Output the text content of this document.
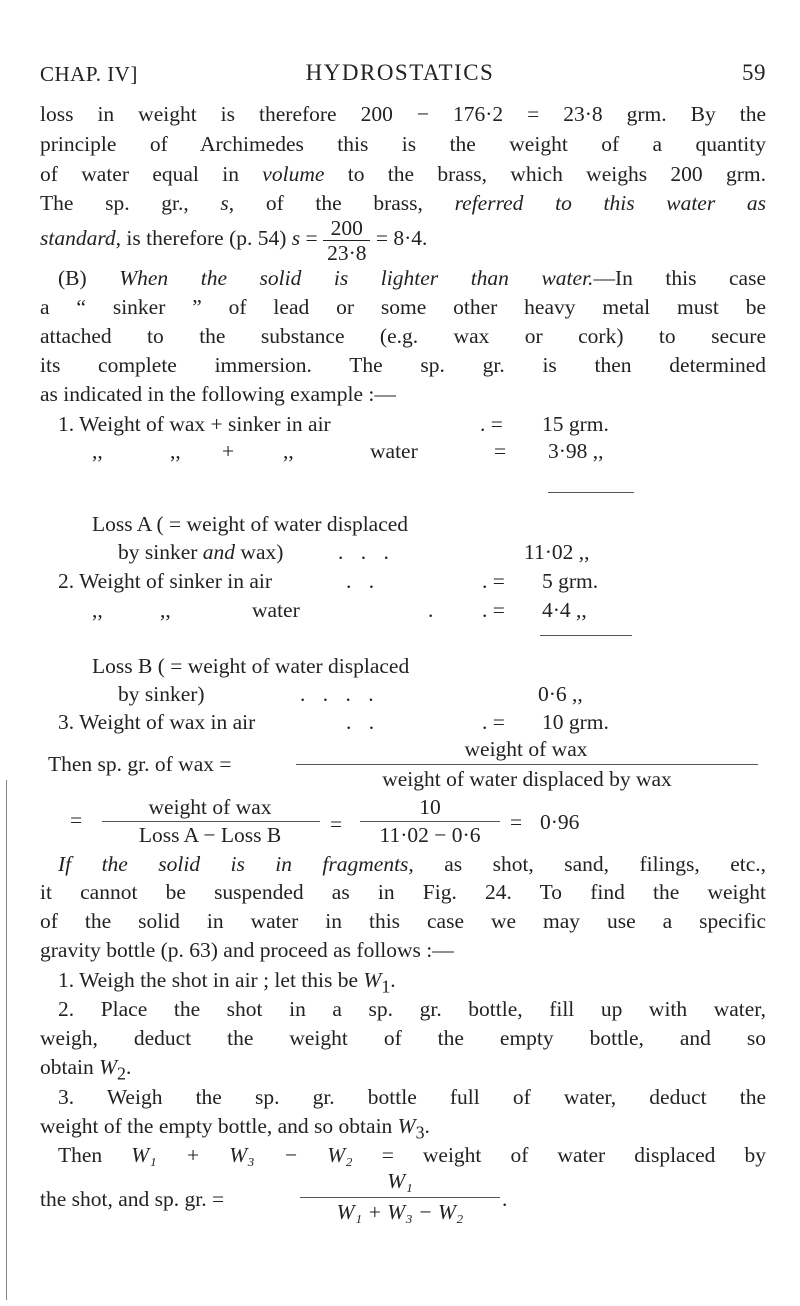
CHAP. IV]	HYDROSTATICS	59
loss in weight is therefore 200 − 176·2 = 23·8 grm. By the
principle of Archimedes this is the weight of a quantity
of water equal in volume to the brass, which weighs 200 grm.
The sp. gr., s, of the brass, referred to this water as
standard, is therefore (p. 54) $s = \frac{200}{23\cdot 8} = 8\cdot 4$.
(B) When the solid is lighter than water.—In this case
a “ sinker ” of lead or some other heavy metal must be
attached to the substance (e.g. wax or cork) to secure
its complete immersion. The sp. gr. is then determined
as indicated in the following example :—
1. Weight of wax + sinker in air	. = 15 grm.
,,	,, + ,,	water	= 3·98 ,,
Loss A ( = weight of water displaced
by sinker and wax)	. . .	11·02 ,,
2. Weight of sinker in air	. .	. = 5 grm.
,,	,,	water	. . = 4·4 ,,
Loss B ( = weight of water displaced
by sinker)	. . . .	0·6 ,,
3. Weight of wax in air	. .	. = 10 grm.
Then sp. gr. of wax =
weight of wax
weight of water displaced by wax
=
weight of wax
Loss A − Loss B	=
10
11·02 − 0·6
= 0·96
If the solid is in fragments, as shot, sand, filings, etc.,
it cannot be suspended as in Fig. 24. To find the weight
of the solid in water in this case we may use a specific
gravity bottle (p. 63) and proceed as follows :—
1. Weigh the shot in air ; let this be $W_1$.
2. Place the shot in a sp. gr. bottle, fill up with water,
weigh, deduct the weight of the empty bottle, and so
obtain $W_2$.
3. Weigh the sp. gr. bottle full of water, deduct the
weight of the empty bottle, and so obtain $W_3$.
Then W₁ + W₃ − W₂ = weight of water displaced by
the shot, and sp. gr. =
W₁
W₁ + W₃ − W₂
.
